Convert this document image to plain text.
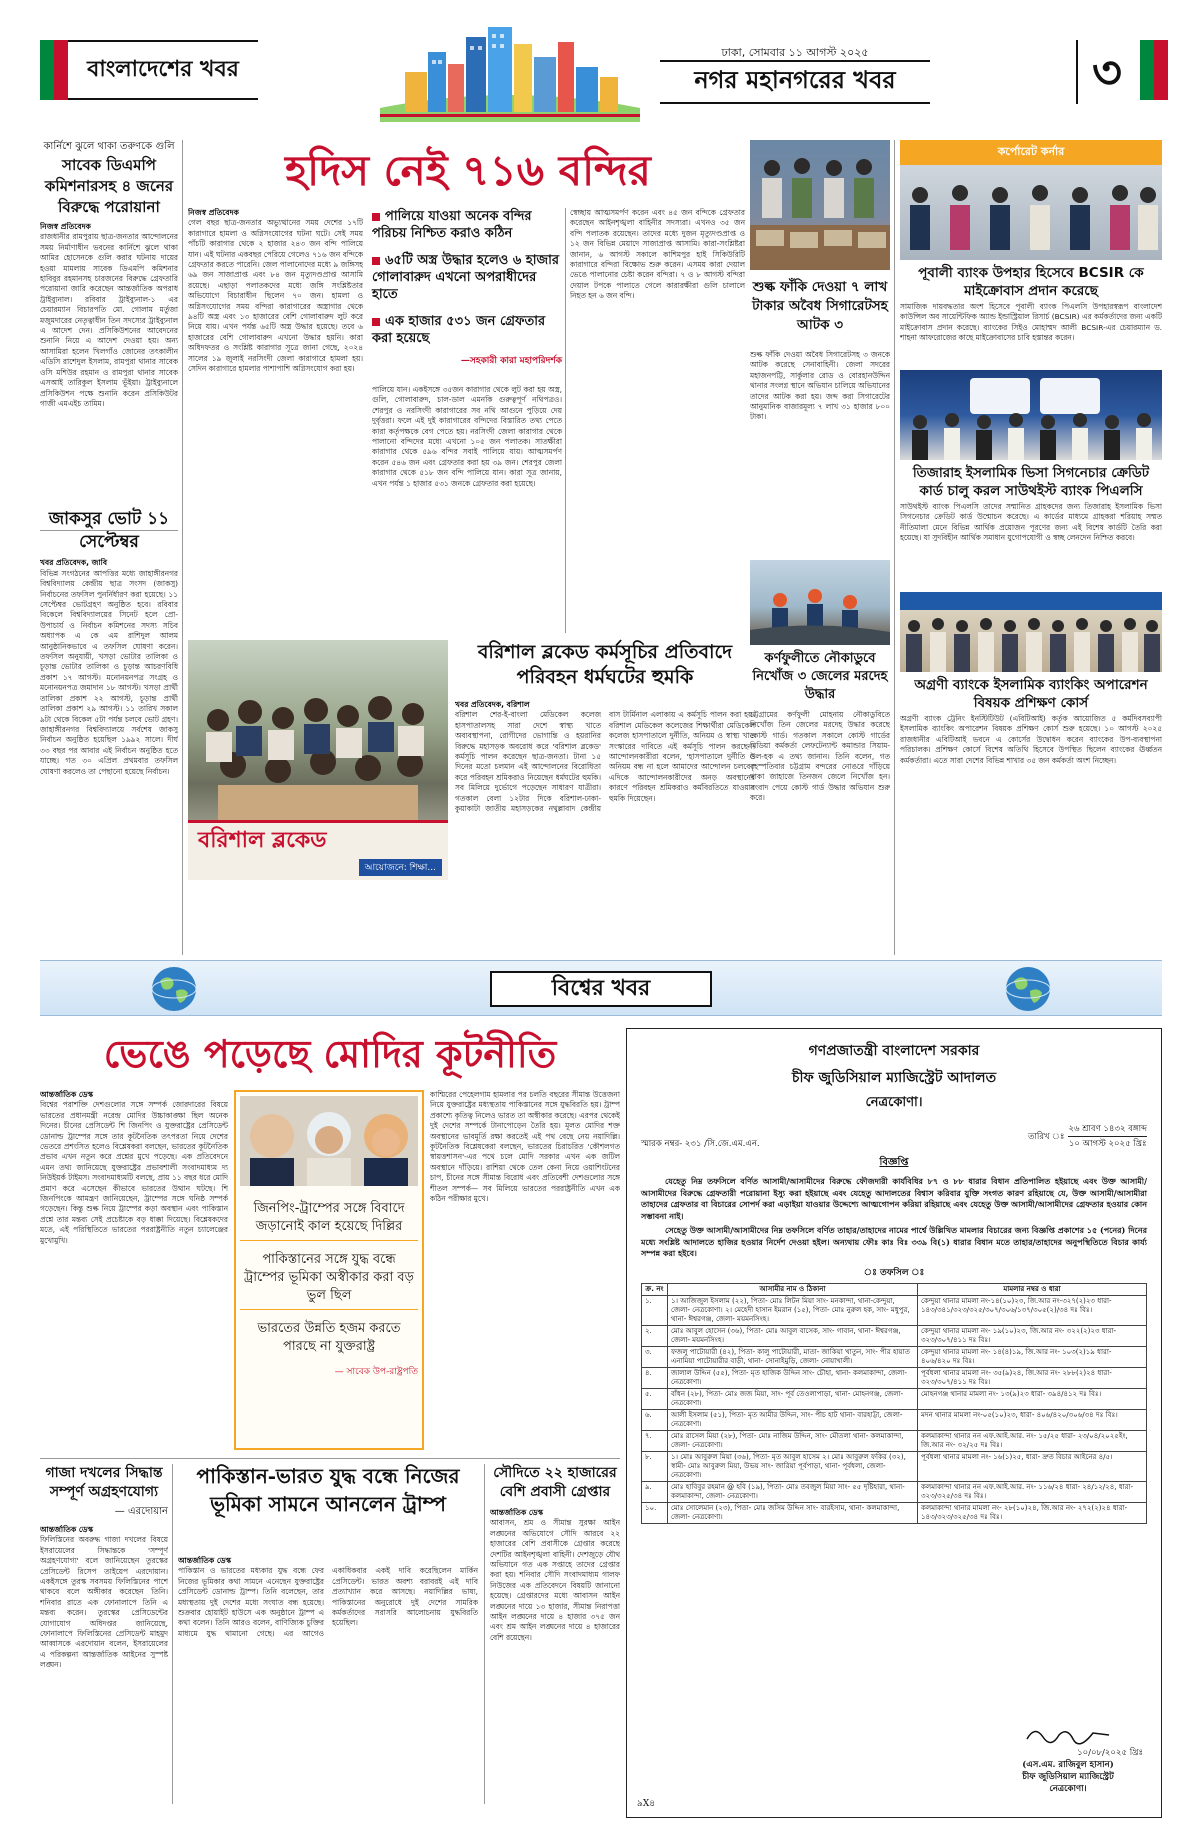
বাংলাদেশের খবর
ঢাকা, সোমবার ১১ আগস্ট ২০২৫
নগর মহানগরের খবর	৩
কার্নিশে ঝুলে থাকা তরুণকে গুলি
সাবেক ডিএমপি কমিশনারসহ ৪ জনের বিরুদ্ধে পরোয়ানা
নিজস্ব প্রতিবেদক
রাজধানীর রামপুরায় ছাত্র-জনতার আন্দোলনের সময় নির্মাণাধীন ভবনের কার্নিশে ঝুলে থাকা আমির হোসেনকে গুলি করার ঘটনায় দায়ের হওয়া মামলায় সাবেক ডিএমপি কমিশনার হাবিবুর রহমানসহ চারজনের বিরুদ্ধে গ্রেফতারি পরোয়ানা জারি করেছেন আন্তর্জাতিক অপরাধ ট্রাইব্যুনাল। রবিবার ট্রাইব্যুনাল-১ এর চেয়ারম্যান বিচারপতি মো. গোলাম মর্তুজা মজুমদারের নেতৃত্বাধীন তিন সদস্যের ট্রাইব্যুনাল এ আদেশ দেন। প্রসিকিউশনের আবেদনের শুনানি নিয়ে এ আদেশ দেওয়া হয়। অন্য আসামিরা হলেন খিলগাঁও জোনের তৎকালীন এডিসি রাশেদুল ইসলাম, রামপুরা থানার সাবেক ওসি মশিউর রহমান ও রামপুরা থানার সাবেক এসআই তারিকুল ইসলাম ভূঁইয়া। ট্রাইব্যুনালে প্রসিকিউশন পক্ষে শুনানি করেন প্রসিকিউটর গাজী এমএইচ তামিম।
জাকসুর ভোট ১১ সেপ্টেম্বর
খবর প্রতিবেদক, জাবি
বিভিন্ন সংগঠনের আপত্তির মধ্যে জাহাঙ্গীরনগর বিশ্ববিদ্যালয় কেন্দ্রীয় ছাত্র সংসদ (জাকসু) নির্বাচনের তফসিল পুনর্নির্ধারণ করা হয়েছে। ১১ সেপ্টেম্বর ভোটগ্রহণ অনুষ্ঠিত হবে। রবিবার বিকেলে বিশ্ববিদ্যালয়ের সিনেট হলে প্রো-উপাচার্য ও নির্বাচন কমিশনের সদস্য সচিব অধ্যাপক এ কে এম রাশিদুল আলম আনুষ্ঠানিকভাবে এ তফসিল ঘোষণা করেন। তফসিল অনুযায়ী, খসড়া ভোটার তালিকা ও চূড়ান্ত ভোটার তালিকা ও চূড়ান্ত আচরণবিধি প্রকাশ ১৭ আগস্ট। মনোনয়নপত্র সংগ্রহ ও মনোনয়নপত্র জমাদান ১৮ আগস্ট। খসড়া প্রার্থী তালিকা প্রকাশ ২২ আগস্ট, চূড়ান্ত প্রার্থী তালিকা প্রকাশ ২৯ আগস্ট। ১১ তারিখ সকাল ৯টা থেকে বিকেল ৫টা পর্যন্ত চলবে ভোট গ্রহণ। জাহাঙ্গীরনগর বিশ্ববিদ্যালয়ে সর্বশেষ জাকসু নির্বাচন অনুষ্ঠিত হয়েছিল ১৯৯২ সালে। দীর্ঘ ৩৩ বছর পর আবার এই নির্বাচন অনুষ্ঠিত হতে যাচ্ছে। গত ৩০ এপ্রিল প্রথমবার তফসিল ঘোষণা করলেও তা পেছানো হয়েছে নির্বাচন।
হদিস নেই ৭১৬ বন্দির
নিজস্ব প্রতিবেদক
গেল বছর ছাত্র-জনতার অভ্যুত্থানের সময় দেশের ১৭টি কারাগারে হামলা ও অগ্নিসংযোগের ঘটনা ঘটে। সেই সময় পাঁচটি কারাগার থেকে ২ হাজার ২৪৩ জন বন্দি পালিয়ে যান। এই ঘটনার একবছর পেরিয়ে গেলেও ৭১৬ জন বন্দিকে গ্রেফতার করতে পারেনি। জেল পালানোদের মধ্যে ৯ জঙ্গিসহ ৬৯ জন সাজাপ্রাপ্ত এবং ৮৪ জন মৃত্যুদণ্ডপ্রাপ্ত আসামি রয়েছে। এছাড়া পলাতকদের মধ্যে জঙ্গি সংশ্লিষ্টতার অভিযোগে বিচারাধীন ছিলেন ৭০ জন। হামলা ও অগ্নিসংযোগের সময় বন্দিরা কারাগারের অস্ত্রাগার থেকে ৯৪টি অস্ত্র এবং ১৩ হাজারের বেশি গোলাবারুদ লুট করে নিয়ে যায়। এখন পর্যন্ত ৬৫টি অস্ত্র উদ্ধার হয়েছে। তবে ৬ হাজারের বেশি গোলাবারুদ এখনো উদ্ধার হয়নি। কারা অধিদফতর ও সংশ্লিষ্ট কারাগার সূত্রে জানা গেছে, ২০২৪ সালের ১৯ জুলাই নরসিংদী জেলা কারাগারে হামলা হয়। সেদিন কারাগারে হামলার পাশাপাশি অগ্নিসংযোগ করা হয়।
পালিয়ে যাওয়া অনেক বন্দির পরিচয় নিশ্চিত করাও কঠিন
৬৫টি অস্ত্র উদ্ধার হলেও ৬ হাজার গোলাবারুদ এখনো অপরাধীদের হাতে
এক হাজার ৫৩১ জন গ্রেফতার করা হয়েছে
—সহকারী কারা মহাপরিদর্শক
পালিয়ে যান। একইসঙ্গে ৩৫জন কারাগার থেকে লুট করা হয় অস্ত্র, গুলি, গোলাবারুদ, চাল-ডাল এমনকি গুরুত্বপূর্ণ নথিপত্রও। শেরপুর ও নরসিংদী কারাগারের সব নথি আগুনে পুড়িয়ে দেয় দুর্বৃত্তরা। ফলে এই দুই কারাগারের বন্দিদের বিস্তারিত তথ্য পেতে কারা কর্তৃপক্ষকে বেগ পেতে হয়। নরসিংদী জেলা কারাগার থেকে পালানো বন্দিদের মধ্যে এখনো ১০৫ জন পলাতক। সাতক্ষীরা কারাগার থেকে ৫৯৬ বন্দির সবাই পালিয়ে যায়। আত্মসমর্পণ করেন ৫৪৬ জন এবং গ্রেফতার করা হয় ৩৯ জন। শেরপুর জেলা কারাগার থেকে ৫১৮ জন বন্দি পালিয়ে যান। কারা সূত্র জানায়, এখন পর্যন্ত ১ হাজার ৫৩১ জনকে গ্রেফতার করা হয়েছে।
বরিশাল ব্লকেড
আয়োজনে: শিক্ষা...
বরিশাল ব্লকেড কর্মসূচির প্রতিবাদে পরিবহন ধর্মঘটের হুমকি
খবর প্রতিবেদক, বরিশাল
বরিশাল শের-ই-বাংলা মেডিকেল কলেজ হাসপাতালসহ সারা দেশে স্বাস্থ্য খাতে অব্যবস্থাপনা, রোগীদের ভোগান্তি ও হয়রানির বিরুদ্ধে মহাসড়ক অবরোধ করে 'বরিশাল ব্লকেড' কর্মসূচি পালন করেছেন ছাত্র-জনতা। টানা ১৫ দিনের মতো চলমান এই আন্দোলনের বিরোধিতা করে পরিবহন শ্রমিকরাও নিয়েছেন ধর্মঘটের হুমকি। সব মিলিয়ে দুর্ভোগে পড়েছেন সাধারণ যাত্রীরা। গতকাল বেলা ১২টার দিকে বরিশাল-ঢাকা-কুয়াকাটা জাতীয় মহাসড়কের নথুল্লাবাদ কেন্দ্রীয় বাস টার্মিনাল এলাকায় এ কর্মসূচি পালন করা হয়। বরিশাল মেডিকেল কলেজের শিক্ষার্থীরা মেডিকেল কলেজ হাসপাতালে দুর্নীতি, অনিয়ম ও স্বাস্থ্য খাত সংস্কারের দাবিতে এই কর্মসূচি পালন করছেন। আন্দোলনকারীরা বলেন, 'হাসপাতালে দুর্নীতি ও অনিয়ম বন্ধ না হলে আমাদের আন্দোলন চলবে।' এদিকে আন্দোলনকারীদের অনড় অবস্থানের কারণে পরিবহন শ্রমিকরাও কর্মবিরতিতে যাওয়ার হুমকি দিয়েছেন।
স্বেচ্ছায় আত্মসমর্পণ করেন এবং ৪৫ জন বন্দিকে গ্রেফতার করেছেন আইনশৃঙ্খলা বাহিনীর সদস্যরা। এখনও ৩৫ জন বন্দি পলাতক রয়েছেন। তাদের মধ্যে দুজন মৃত্যুদণ্ডপ্রাপ্ত ও ১২ জন বিভিন্ন মেয়াদে সাজাপ্রাপ্ত আসামি। কারা-সংশ্লিষ্টরা জানান, ৬ আগস্ট সকালে কাশিমপুর হাই সিকিউরিটি কারাগারে বন্দিরা বিক্ষোভ শুরু করেন। এসময় কারা দেয়াল ভেঙে পালানোর চেষ্টা করেন বন্দিরা। ৭ ও ৮ আগস্ট বন্দিরা দেয়াল টপকে পালাতে গেলে কারারক্ষীরা গুলি চালালে নিহত হন ৬ জন বন্দি।
শুল্ক ফাঁকি দেওয়া ৭ লাখ টাকার অবৈধ সিগারেটসহ আটক ৩
শুল্ক ফাঁকি দেওয়া অবৈধ সিগারেটসহ ৩ জনকে আটক করেছে সেনাবাহিনী। জেলা সদরের মহাজনপট্টি, সার্কুলার রোড ও বোরহানউদ্দিন থানার সংলগ্ন স্থানে অভিযান চালিয়ে অভিযানের তাদের আটক করা হয়। জব্দ করা সিগারেটের আনুমানিক বাজারমূল্য ৭ লাখ ৩১ হাজার ৮০০ টাকা।
কর্ণফুলীতে নৌকাডুবে নিখোঁজ ৩ জেলের মরদেহ উদ্ধার
চট্টগ্রামের কর্ণফুলী মোহনায় নৌকাডুবিতে নিখোঁজ তিন জেলের মরদেহ উদ্ধার করেছে কোস্ট গার্ড। গতকাল সকালে কোস্ট গার্ডের মিডিয়া কর্মকর্তা লেফটেন্যান্ট কমান্ডার সিয়াম-উল-হক এ তথ্য জানান। তিনি বলেন, গত বৃহস্পতিবার চট্টগ্রাম বন্দরের নোঙরে দাঁড়িয়ে থাকা জাহাজে তিনজন জেলে নিখোঁজ হন। সংবাদ পেয়ে কোস্ট গার্ড উদ্ধার অভিযান শুরু করে।
কর্পোরেট কর্নার
পূবালী ব্যাংক উপহার হিসেবে BCSIR কে মাইক্রোবাস প্রদান করেছে
সামাজিক দায়বদ্ধতার অংশ হিসেবে পূবালী ব্যাংক পিএলসি উপহারস্বরূপ বাংলাদেশ কাউন্সিল অব সায়েন্টিফিক অ্যান্ড ইন্ডাস্ট্রিয়াল রিসার্চ (BCSIR) এর কর্মকর্তাদের জন্য একটি মাইক্রোবাস প্রদান করেছে। ব্যাংকের সিইও মোহাম্মদ আলী BCSIR-এর চেয়ারম্যান ড. শাহনা আফরোজের কাছে মাইক্রোবাসের চাবি হস্তান্তর করেন।
তিজারাহ ইসলামিক ভিসা সিগনেচার ক্রেডিট কার্ড চালু করল সাউথইস্ট ব্যাংক পিএলসি
সাউথইস্ট ব্যাংক পিএলসি তাদের সম্মানিত গ্রাহকদের জন্য তিজারাহ ইসলামিক ভিসা সিগনেচার ক্রেডিট কার্ড উন্মোচন করেছে। এ কার্ডের মাধ্যমে গ্রাহকরা শরিয়াহ সম্মত নীতিমালা মেনে বিভিন্ন আর্থিক প্রয়োজন পূরণের জন্য এই বিশেষ কার্ডটি তৈরি করা হয়েছে। যা সুদবিহীন আর্থিক সমাধান যুগোপযোগী ও স্বচ্ছ লেনদেন নিশ্চিত করবে।
অগ্রণী ব্যাংকে ইসলামিক ব্যাংকিং অপারেশন বিষয়ক প্রশিক্ষণ কোর্স
অগ্রণী ব্যাংক ট্রেনিং ইনস্টিটিউট (এবিটিআই) কর্তৃক আয়োজিত ৫ কর্মদিবসব্যাপী ইসলামিক ব্যাংকিং অপারেশন বিষয়ক প্রশিক্ষণ কোর্স শুরু হয়েছে। ১০ আগস্ট ২০২৫ রাজধানীর এবিটিআই ভবনে এ কোর্সের উদ্বোধন করেন ব্যাংকের উপ-ব্যবস্থাপনা পরিচালক। প্রশিক্ষণ কোর্সে বিশেষ অতিথি হিসেবে উপস্থিত ছিলেন ব্যাংকের ঊর্ধ্বতন কর্মকর্তারা। এতে সারা দেশের বিভিন্ন শাখার ৩৫ জন কর্মকর্তা অংশ নিচ্ছেন।
বিশ্বের খবর
ভেঙে পড়েছে মোদির কূটনীতি
আন্তর্জাতিক ডেস্ক
বিশ্বের পরাশক্তি দেশগুলোর সঙ্গে সম্পর্ক জোরদারের বিষয়ে ভারতের প্রধানমন্ত্রী নরেন্দ্র মোদির উচ্চাকাঙ্ক্ষা ছিল অনেক দিনের। চীনের প্রেসিডেন্ট শি জিনপিং ও যুক্তরাষ্ট্রের প্রেসিডেন্ট ডোনাল্ড ট্রাম্পের সঙ্গে তার কূটনৈতিক তৎপরতা নিয়ে দেশের ভেতরে প্রশংসিত হলেও বিশ্লেষকরা বলছেন, ভারতের কূটনৈতিক প্রভাব এখন নতুন করে প্রশ্নের মুখে পড়েছে। এক প্রতিবেদনে এমন তথ্য জানিয়েছে যুক্তরাষ্ট্রের প্রভাবশালী সংবাদমাধ্যম দ্য নিউইয়র্ক টাইমস। সংবাদমাধ্যমটি বলছে, প্রায় ১১ বছর ধরে মোদি প্রমাণ করে এসেছেন কীভাবে ভারতের উত্থান ঘটছে। শি জিনপিংকে আমন্ত্রণ জানিয়েছেন, ট্রাম্পের সঙ্গে ঘনিষ্ঠ সম্পর্ক গড়েছেন। কিন্তু শুল্ক নিয়ে ট্রাম্পের কড়া অবস্থান এবং পাকিস্তান প্রশ্নে তার মন্তব্য সেই প্রচেষ্টাকে বড় ধাক্কা দিয়েছে। বিশ্লেষকদের মতে, এই পরিস্থিতিতে ভারতের পররাষ্ট্রনীতি নতুন চ্যালেঞ্জের মুখোমুখি।
জিনপিং-ট্রাম্পের সঙ্গে বিবাদে জড়ানোই কাল হয়েছে দিল্লির
পাকিস্তানের সঙ্গে যুদ্ধ বন্ধে ট্রাম্পের ভূমিকা অস্বীকার করা বড় ভুল ছিল
ভারতের উন্নতি হজম করতে পারছে না যুক্তরাষ্ট্র
— সাবেক উপ-রাষ্ট্রপতি
কাশ্মিরের পেহেলগাম হামলার পর চলতি বছরের সীমান্ত উত্তেজনা নিয়ে যুক্তরাষ্ট্রের মধ্যস্থতায় পাকিস্তানের সঙ্গে যুদ্ধবিরতি হয়। ট্রাম্প প্রকাশ্যে কৃতিত্ব নিলেও ভারত তা অস্বীকার করেছে। এরপর থেকেই দুই দেশের সম্পর্কে টানাপোড়েন তৈরি হয়। মূলত মোদির শক্ত অবস্থানের ভাবমূর্তি রক্ষা করতেই এই পথ বেছে নেয় নয়াদিল্লি। কূটনৈতিক বিশ্লেষকেরা বলছেন, ভারতের চিরাচরিত 'কৌশলগত স্বায়ত্তশাসন'-এর পথে চলে মোদি সরকার এখন এক জটিল অবস্থানে দাঁড়িয়ে। রাশিয়া থেকে তেল কেনা নিয়ে ওয়াশিংটনের চাপ, চীনের সঙ্গে সীমান্ত বিরোধ এবং প্রতিবেশী দেশগুলোর সঙ্গে শীতল সম্পর্ক— সব মিলিয়ে ভারতের পররাষ্ট্রনীতি এখন এক কঠিন পরীক্ষার মুখে।
গাজা দখলের সিদ্ধান্ত সম্পূর্ণ অগ্রহণযোগ্য
— এরদোয়ান
আন্তর্জাতিক ডেস্ক
ফিলিস্তিনের অবরুদ্ধ গাজা দখলের বিষয়ে ইসরায়েলের সিদ্ধান্তকে 'সম্পূর্ণ অগ্রহণযোগ্য' বলে জানিয়েছেন তুরস্কের প্রেসিডেন্ট রিসেপ তাইয়েপ এরদোয়ান। একইসঙ্গে তুরস্ক সবসময় ফিলিস্তিনের পাশে থাকবে বলে অঙ্গীকার করেছেন তিনি। শনিবার রাতে এক ফোনালাপে তিনি এ মন্তব্য করেন। তুরস্কের প্রেসিডেন্টের যোগাযোগ অধিদপ্তর জানিয়েছে, ফোনালাপে ফিলিস্তিনের প্রেসিডেন্ট মাহমুদ আব্বাসকে এরদোয়ান বলেন, ইসরায়েলের এ পরিকল্পনা আন্তর্জাতিক আইনের সুস্পষ্ট লঙ্ঘন।
পাকিস্তান-ভারত যুদ্ধ বন্ধে নিজের ভূমিকা সামনে আনলেন ট্রাম্প
আন্তর্জাতিক ডেস্ক
পাকিস্তান ও ভারতের মধ্যকার যুদ্ধ বন্ধে ফের নিজের ভূমিকার কথা সামনে এনেছেন যুক্তরাষ্ট্রের প্রেসিডেন্ট ডোনাল্ড ট্রাম্প। তিনি বলেছেন, তার মধ্যস্থতায় দুই দেশের মধ্যে সংঘাত বন্ধ হয়েছে। শুক্রবার হোয়াইট হাউসে এক অনুষ্ঠানে ট্রাম্প এ কথা বলেন। তিনি আরও বলেন, বাণিজ্যিক চুক্তির মাধ্যমে যুদ্ধ থামানো গেছে। এর আগেও একাধিকবার একই দাবি করেছিলেন মার্কিন প্রেসিডেন্ট। ভারত অবশ্য বরাবরই এই দাবি প্রত্যাখ্যান করে আসছে। নয়াদিল্লির ভাষ্য, পাকিস্তানের অনুরোধে দুই দেশের সামরিক কর্মকর্তাদের সরাসরি আলোচনায় যুদ্ধবিরতি হয়েছিল।
সৌদিতে ২২ হাজারের বেশি প্রবাসী গ্রেপ্তার
আন্তর্জাতিক ডেস্ক
আবাসন, শ্রম ও সীমান্ত সুরক্ষা আইন লঙ্ঘনের অভিযোগে সৌদি আরবে ২২ হাজারের বেশি প্রবাসীকে গ্রেপ্তার করেছে দেশটির আইনশৃঙ্খলা বাহিনী। দেশজুড়ে যৌথ অভিযানে গত এক সপ্তাহে তাদের গ্রেপ্তার করা হয়। শনিবার সৌদি সংবাদমাধ্যম গালফ নিউজের এক প্রতিবেদনে বিষয়টি জানানো হয়েছে। গ্রেপ্তারদের মধ্যে আবাসন আইন লঙ্ঘনের দায়ে ১৩ হাজার, সীমান্ত নিরাপত্তা আইন লঙ্ঘনের দায়ে ৪ হাজার ৩৭৫ জন এবং শ্রম আইন লঙ্ঘনের দায়ে ৪ হাজারের বেশি রয়েছেন।
গণপ্রজাতন্ত্রী বাংলাদেশ সরকার
চীফ জুডিসিয়াল ম্যাজিস্ট্রেট আদালত
নেত্রকোণা।
স্মারক নম্বর- ২৩১ /সি.জে.এম.এন.
তারিখ ঃ
২৬ শ্রাবণ ১৪৩২ বঙ্গাব্দ
১০ আগস্ট ২০২৫ খ্রিঃ
বিজ্ঞপ্তি
যেহেতু নিম্ন তফসিলে বর্ণিত আসামী/আসামীদের বিরুদ্ধে ফৌজদারী কার্যবিধির ৮৭ ও ৮৮ ধারার বিধান প্রতিপালিত হইয়াছে এবং উক্ত আসামী/আসামীদের বিরুদ্ধে গ্রেফতারী পরোয়ানা ইস্যু করা হইয়াছে এবং যেহেতু আদালতের বিশ্বাস করিবার যুক্তি সংগত কারণ রহিয়াছে যে, উক্ত আসামী/আসামীরা তাহাদের গ্রেফতার বা বিচারের সোপর্দ করা এড়াইয়া যাওয়ার উদ্দেশ্যে আত্মগোপন করিয়া রহিয়াছে এবং যেহেতু উক্ত আসামী/আসামীদের গ্রেফতার হওয়ার কোন সম্ভাবনা নাই।
সেহেতু উক্ত আসামী/আসামীদের নিম্ন তফসিলে বর্ণিত তাহার/তাহাদের নামের পার্শ্বে উল্লিখিত মামলার বিচারের জন্য বিজ্ঞপ্তি প্রকাশের ১৫ (পনের) দিনের মধ্যে সংশ্লিষ্ট আদালতে হাজির হওয়ার নির্দেশ দেওয়া হইল। অন্যথায় ফৌঃ কাঃ বিঃ ৩৩৯ বি(১) ধারার বিধান মতে তাহার/তাহাদের অনুপস্থিতিতে বিচার কার্য্য সম্পন্ন করা হইবে।
ঃ তফসিল ঃ
ক্র. নং	আসামীর নাম ও ঠিকানা	মামলার নম্বর ও ধারা
১.	১। আজিজুল ইসলাম (২২), পিতা- মোঃ লিটন মিয়া সাং- মনকান্দা, থানা-কেন্দুয়া, জেলা- নেত্রকোণা। ২। মেহেদী হাসান ইমরান (১৫), পিতা- মোঃ নুরুল হক, সাং- মধুপুর, থানা- ঈশ্বরগঞ্জ, জেলা- ময়মনসিংহ।	কেন্দুয়া থানার মামলা নং-১৪(১০)২৩, জি.আর নং-৩২৭(২)২৩ ধারা- ১৪৩/৩৪১/৩২৩/৩২৫/৩০৭/৩০৬/১৩৭/৩০৫(২)/৩৪ দঃ বিঃ।
২.	মোঃ আবুল হোসেন (৩৬), পিতা- মোঃ আবুল বাসেক, সাং- গাবান, থানা- ঈশ্বরগঞ্জ, জেলা- ময়মনসিংহ।	কেন্দুয়া থানার মামলা নং- ১৯(১০)২৩, জি.আর নং- ৩২২(২)২৩ ধারা- ৩২৩/৩০৭/৪১১ দঃ বিঃ।
৩.	ফজলু পাটোয়ারী (৪২), পিতা- কালু পাটোয়ারী, মাতা- জাকিয়া খাতুন, সাং- পীর হায়াত এনামিয়া পাটোয়ারীর বাড়ী, থানা- সোনাইমুড়ি, জেলা- নোয়াখালী।	কেন্দুয়া থানার মামলা নং- ১৪(৪)১৯, জি.আর নং- ১০৩(২)১৯ ধারা- ৪০৬/৪২০ দঃ বিঃ।
৪.	জালাল উদ্দিন (৫৫), পিতা- মৃত হাজিক উদ্দিন সাং- চৌহা, থানা- কলমাকান্দা, জেলা- নেত্রকোণা।	পূর্বধলা থানার মামলা নং- ৩৫(৯)২৪, জি.আর নং- ২৮৮(২)২৪ ধারা- ৩২৩/৩০৭/৪১১ দঃ বিঃ।
৫.	বাঁধন (২৮), পিতা- মোঃ জজ মিয়া, সাং- পূর্ব তেওলাপাড়া, থানা- মোহনগঞ্জ, জেলা- নেত্রকোণা।	মোহনগঞ্জ থানার মামলা নং- ১৩(৯)২৩ ধারা- ৩৯৪/৪১২ দঃ বিঃ।
৬.	আলী ইসলাম (৫১), পিতা- মৃত আমীর উদ্দিন, সাং- পীচ হাট থানা- বারহাট্টা, জেলা- নেত্রকোণা।	মদন থানার মামলা নং-০৫(১০)২৩, ধারা- ৪০৬/৪২০/৩০৬/৩৪ দঃ বিঃ।
৭.	মোঃ রাসেল মিয়া (২৮), পিতা- মোঃ নাজিম উদ্দিন, সাং- মৌতলা থানা- কলমাকান্দা, জেলা- নেত্রকোণা।	কলমাকান্দা থানার নন এফ.আই.আর. নং- ১৫/২৫ ধারা- ২৩/০৪/২০২৫ইং, জি.আর নং- ৩২/২৫ দঃ বিঃ।
৮.	১। মোঃ আবুরুল মিয়া (৩৬), পিতা- মৃত আবুল হাসেম ২। মোঃ আবুরুল ফকির (৩২), স্বামী- মোঃ আবুরুল মিয়া, উভয় সাং- জারিয়া পূর্বপাড়া, থানা- পূর্বধলা, জেলা- নেত্রকোণা।	পূর্বধলা থানার মামলা নং- ১৬(১)২৫, ধারা- দ্রুত বিচার আইনের ৪/৫।
৯.	মোঃ হাবিবুর রহমান @ হবি (১৯), পিতা- মোঃ তবজুল মিয়া সাং- ৫৫ দৃষ্টিহারা, থানা- কলমাকান্দা, জেলা- নেত্রকোণা।	কলমাকান্দা থানার নন এফ.আই.আর. নং- ১১৬/২৪ ধারা- ২৪/১২/২৪, ধারা- ৩২৩/৩২৫/৩৪ দঃ বিঃ।
১০.	মোঃ সোলেমান (২৩), পিতা- মোঃ জসিম উদ্দিন সাং- বারইসাম, থানা- কলমাকান্দা, জেলা- নেত্রকোণা।	কলমাকান্দা থানার মামলা নং- ২৮(১০)২৪, জি.আর নং- ২৭২(২)২৪ ধারা- ১৪৩/৩২৩/৩২৫/৩৪ দঃ বিঃ।
১০/০৮/২০২৫ খ্রিঃ
(এস.এম. রাজিবুল হাসান)
চীফ জুডিসিয়াল ম্যাজিস্ট্রেট
নেত্রকোণা।
৯X৪
